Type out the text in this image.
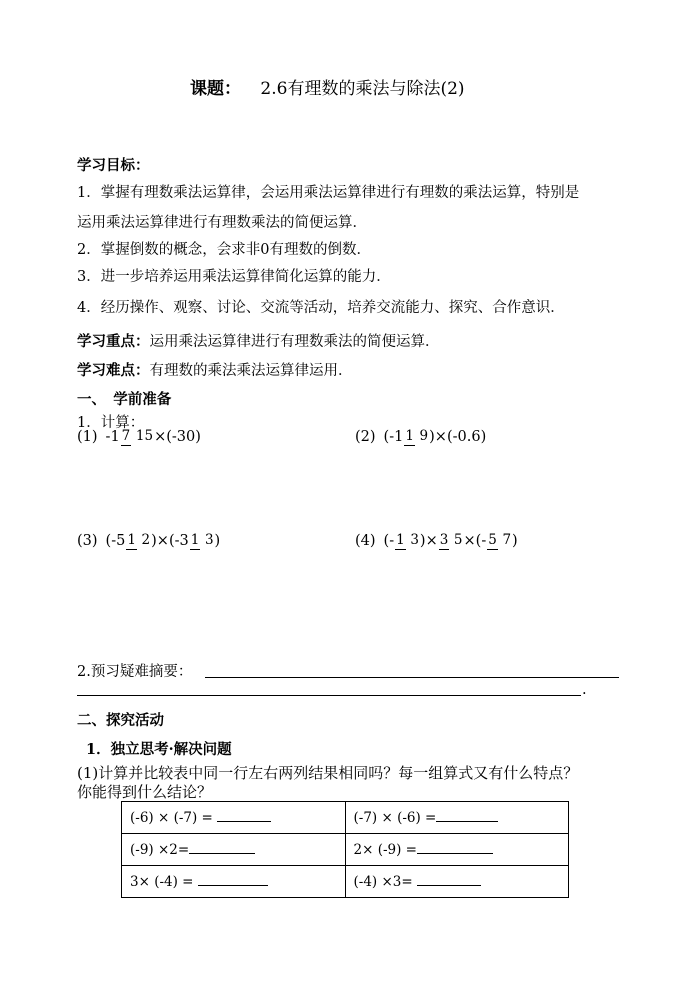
课题： 2.6有理数的乘法与除法(2)
学习目标：
1．掌握有理数乘法运算律，会运用乘法运算律进行有理数的乘法运算，特别是
运用乘法运算律进行有理数乘法的简便运算．
2．掌握倒数的概念，会求非0有理数的倒数．
3．进一步培养运用乘法运算律简化运算的能力．
4．经历操作、观察、讨论、交流等活动，培养交流能力、探究、合作意识．
学习重点：运用乘法运算律进行有理数乘法的简便运算．
学习难点：有理数的乘法乘法运算律运用．
一、　学前准备
1．计算：
(1) -1 7 15 ×(-30)	(2) (-1 1 9 )×(-0.6)
(3) (-5 1 2 )×(-3 1 3 )	(4) (- 1 3 )× 3 5 ×(- 5 7 )
2.预习疑难摘要：
.
二、探究活动
1．独立思考·解决问题
(1)计算并比较表中同一行左右两列结果相同吗？每一组算式又有什么特点？
你能得到什么结论？
(-6) × (-7) =	(-7) × (-6) =
(-9) ×2=	2× (-9) =
3× (-4) =	(-4) ×3=
